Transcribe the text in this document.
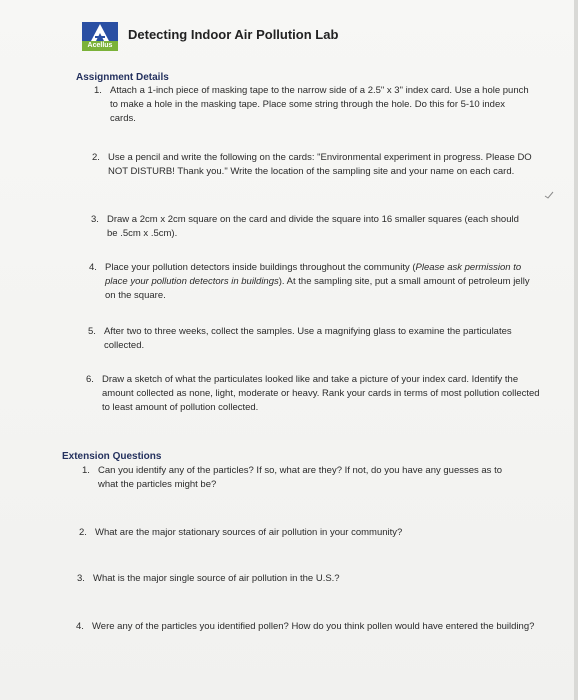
Acellus
Detecting Indoor Air Pollution Lab
Assignment Details
1. Attach a 1-inch piece of masking tape to the narrow side of a 2.5" x 3" index card. Use a hole punch to make a hole in the masking tape. Place some string through the hole. Do this for 5-10 index cards.
2. Use a pencil and write the following on the cards: "Environmental experiment in progress. Please DO NOT DISTURB! Thank you." Write the location of the sampling site and your name on each card.
3. Draw a 2cm x 2cm square on the card and divide the square into 16 smaller squares (each should be .5cm x .5cm).
4. Place your pollution detectors inside buildings throughout the community (Please ask permission to place your pollution detectors in buildings). At the sampling site, put a small amount of petroleum jelly on the square.
5. After two to three weeks, collect the samples. Use a magnifying glass to examine the particulates collected.
6. Draw a sketch of what the particulates looked like and take a picture of your index card. Identify the amount collected as none, light, moderate or heavy. Rank your cards in terms of most pollution collected to least amount of pollution collected.
Extension Questions
1. Can you identify any of the particles? If so, what are they? If not, do you have any guesses as to what the particles might be?
2. What are the major stationary sources of air pollution in your community?
3. What is the major single source of air pollution in the U.S.?
4. Were any of the particles you identified pollen? How do you think pollen would have entered the building?
